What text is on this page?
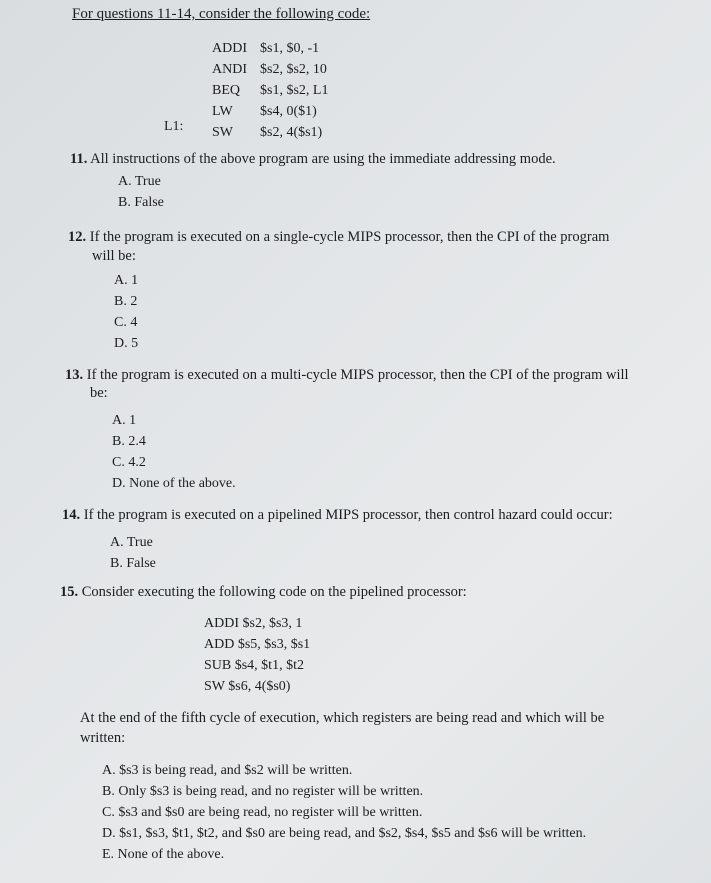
For questions 11-14, consider the following code:
ADDI $s1, $0, -1
ANDI $s2, $s2, 10
BEQ	$s1, $s2, L1
LW	$s4, 0($1)
SW	$s2, 4($s1)
L1:
11. All instructions of the above program are using the immediate addressing mode.
A. True
B. False
12. If the program is executed on a single-cycle MIPS processor, then the CPI of the program
will be:
A. 1
B. 2
C. 4
D. 5
13. If the program is executed on a multi-cycle MIPS processor, then the CPI of the program will
be:
A. 1
B. 2.4
C. 4.2
D. None of the above.
14. If the program is executed on a pipelined MIPS processor, then control hazard could occur:
A. True
B. False
15. Consider executing the following code on the pipelined processor:
ADDI $s2, $s3, 1
ADD $s5, $s3, $s1
SUB $s4, $t1, $t2
SW $s6, 4($s0)
At the end of the fifth cycle of execution, which registers are being read and which will be
written:
A. $s3 is being read, and $s2 will be written.
B. Only $s3 is being read, and no register will be written.
C. $s3 and $s0 are being read, no register will be written.
D. $s1, $s3, $t1, $t2, and $s0 are being read, and $s2, $s4, $s5 and $s6 will be written.
E. None of the above.
